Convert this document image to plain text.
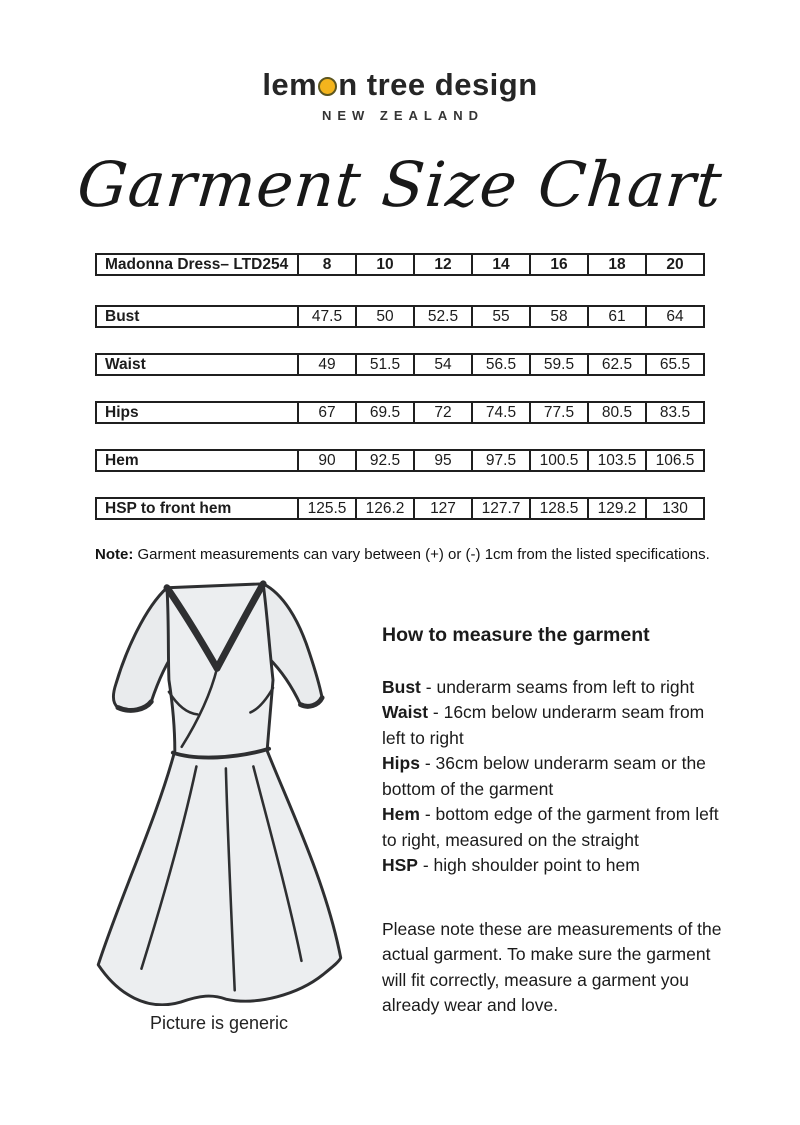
lem n tree design
NEW ZEALAND
Garment Size Chart
Madonna Dress– LTD254	8	10	12	14	16	18	20
Bust	47.5	50	52.5	55	58	61	64
Waist	49	51.5	54	56.5	59.5	62.5	65.5
Hips	67	69.5	72	74.5	77.5	80.5	83.5
Hem	90	92.5	95	97.5	100.5	103.5	106.5
HSP to front hem	125.5	126.2	127	127.7	128.5	129.2	130
Note: Garment measurements can vary between (+) or (-) 1cm from the listed specifications.
Picture is generic

How to measure the garment

Bust - underarm seams from left to right
Waist - 16cm below underarm seam from left to right
Hips - 36cm below underarm seam or the bottom of the garment
Hem - bottom edge of the garment from left to right, measured on the straight
HSP - high shoulder point to hem

Please note these are measurements of the actual garment. To make sure the garment will fit correctly, measure a garment you already wear and love.
